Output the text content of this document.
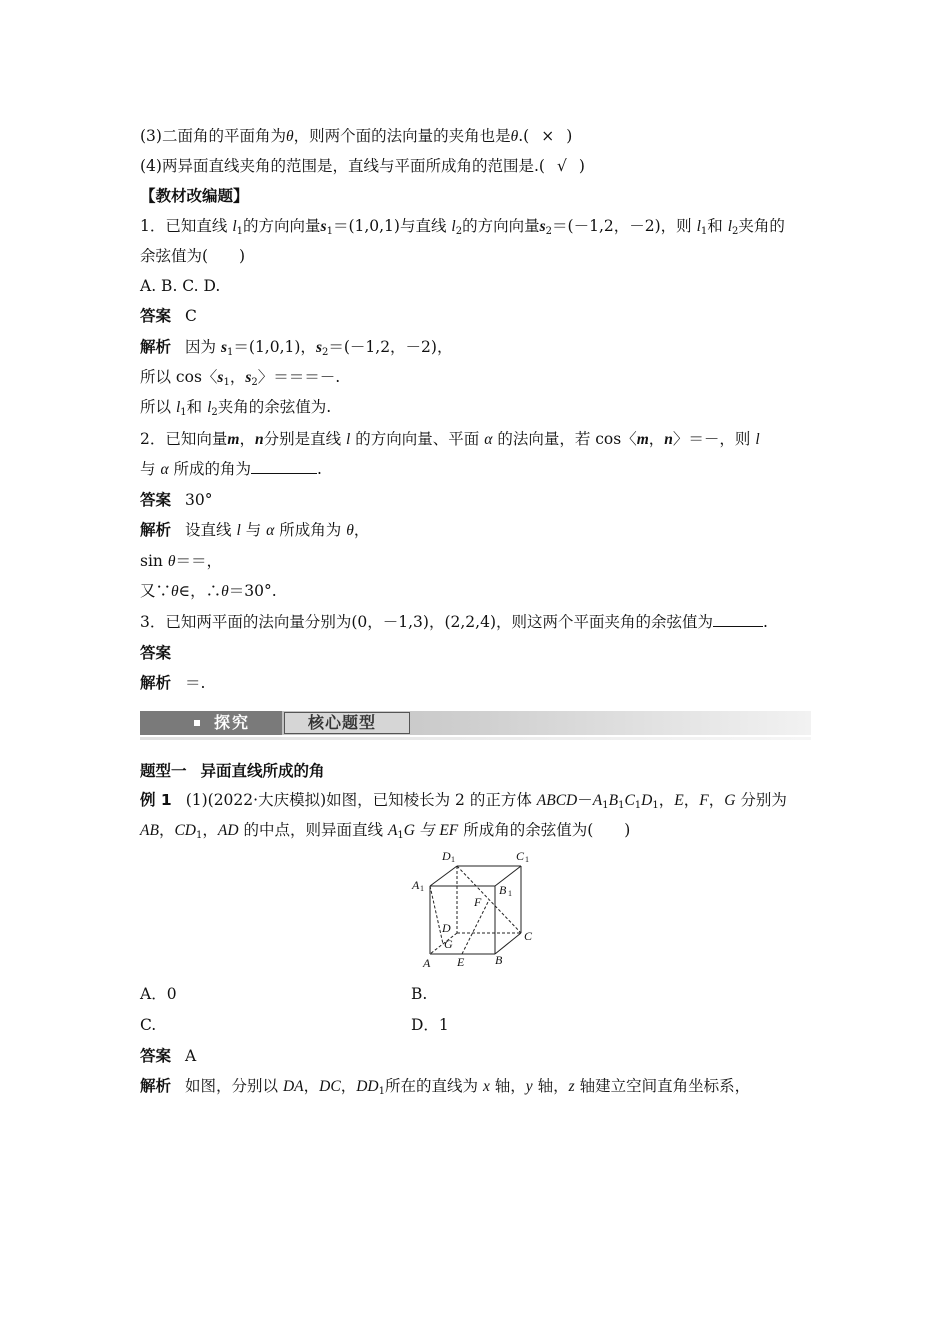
(3)二面角的平面角为θ，则两个面的法向量的夹角也是θ.( × )
(4)两异面直线夹角的范围是，直线与平面所成角的范围是.( √ )
【教材改编题】
1．已知直线 $l_1$的方向向量$s_1=(1,0,1)$与直线 $l_2$的方向向量$s_2=(-1,2$，－2)，则 $l_1$和 $l_2$夹角的
余弦值为(　　)
A. B. C. D.
答案 C
解析 因为 $s_1=(1,0,1)$，$s_2=(-1,2$，－2)，
所以 cos〈$s_1$，$s_2$〉＝＝＝－.
所以 $l_1$和 $l_2$夹角的余弦值为.
2．已知向量m，n分别是直线 l 的方向向量、平面 α 的法向量，若 cos〈m，n〉＝－，则 l
与 α 所成的角为	.
答案 30°
解析 设直线 l 与 α 所成角为 θ，
sin θ＝＝，
又∵θ∈，∴θ＝30°.
3．已知两平面的法向量分别为(0，－1,3)，(2,2,4)，则这两个平面夹角的余弦值为	.
答案
解析 ＝.
探究	核心题型
题型一 异面直线所成的角
例 1 (1)(2022·大庆模拟)如图，已知棱长为 2 的正方体 $ABCD-A_1B_1C_1D_1$，E，F，G 分别为
AB，$CD_1$，AD 的中点，则异面直线 $A_1G$ 与 EF 所成角的余弦值为(　　)
D 1	C 1
A 1	B 1
F
D
C
G
A E	B
A．0	B.
C.	D．1
答案 A
解析 如图，分别以 DA，DC，$DD_1$所在的直线为 x 轴，y 轴，z 轴建立空间直角坐标系，
